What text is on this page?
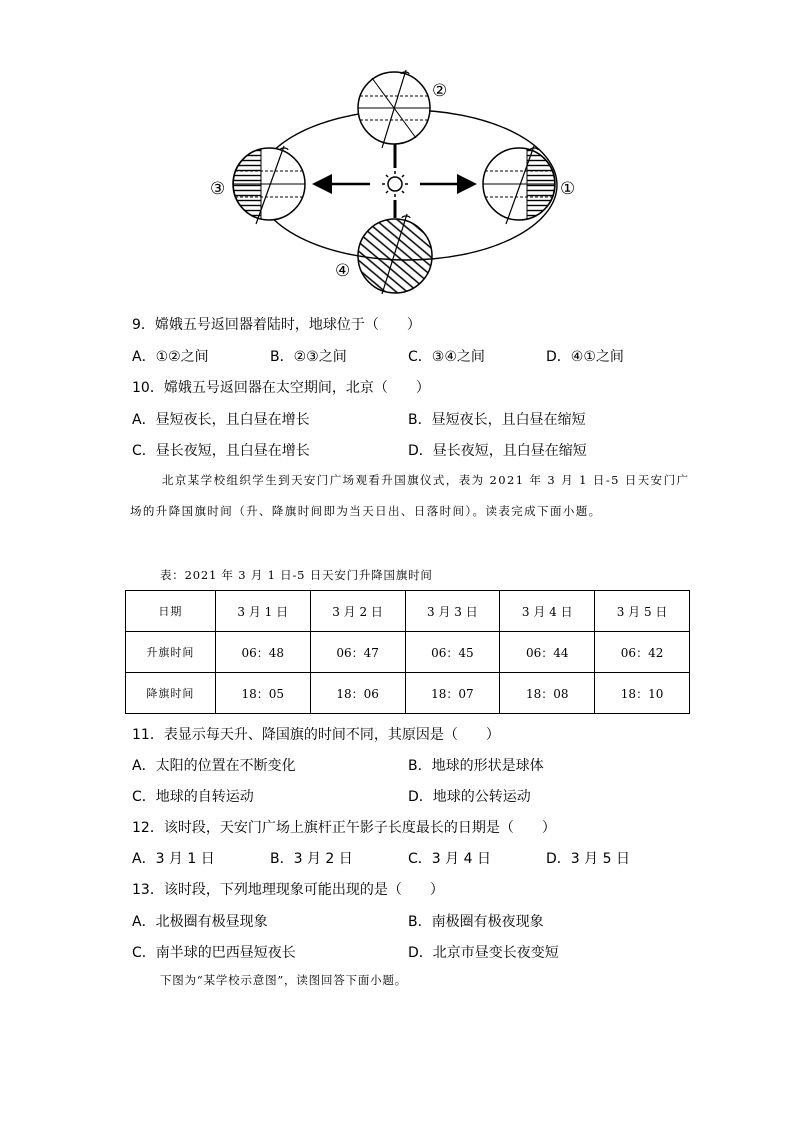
②
①
③
④
9．嫦娥五号返回器着陆时，地球位于（　　）
A．①②之间	B．②③之间	C．③④之间	D．④①之间
10．嫦娥五号返回器在太空期间，北京（　　）
A．昼短夜长，且白昼在增长	B．昼短夜长，且白昼在缩短
C．昼长夜短，且白昼在增长	D．昼长夜短，且白昼在缩短
北京某学校组织学生到天安门广场观看升国旗仪式，表为 2021 年 3 月 1 日-5 日天安门广场的升降国旗时间（升、降旗时间即为当天日出、日落时间）。读表完成下面小题。
表：2021 年 3 月 1 日-5 日天安门升降国旗时间
日期	3 月 1 日	3 月 2 日	3 月 3 日	3 月 4 日	3 月 5 日
升旗时间	06：48	06：47	06：45	06：44	06：42
降旗时间	18：05	18：06	18：07	18：08	18：10
11．表显示每天升、降国旗的时间不同，其原因是（　　）
A．太阳的位置在不断变化	B．地球的形状是球体
C．地球的自转运动	D．地球的公转运动
12．该时段，天安门广场上旗杆正午影子长度最长的日期是（　　）
A．3 月 1 日	B．3 月 2 日	C．3 月 4 日	D．3 月 5 日
13．该时段，下列地理现象可能出现的是（　　）
A．北极圈有极昼现象	B．南极圈有极夜现象
C．南半球的巴西昼短夜长	D．北京市昼变长夜变短
下图为“某学校示意图”，读图回答下面小题。
